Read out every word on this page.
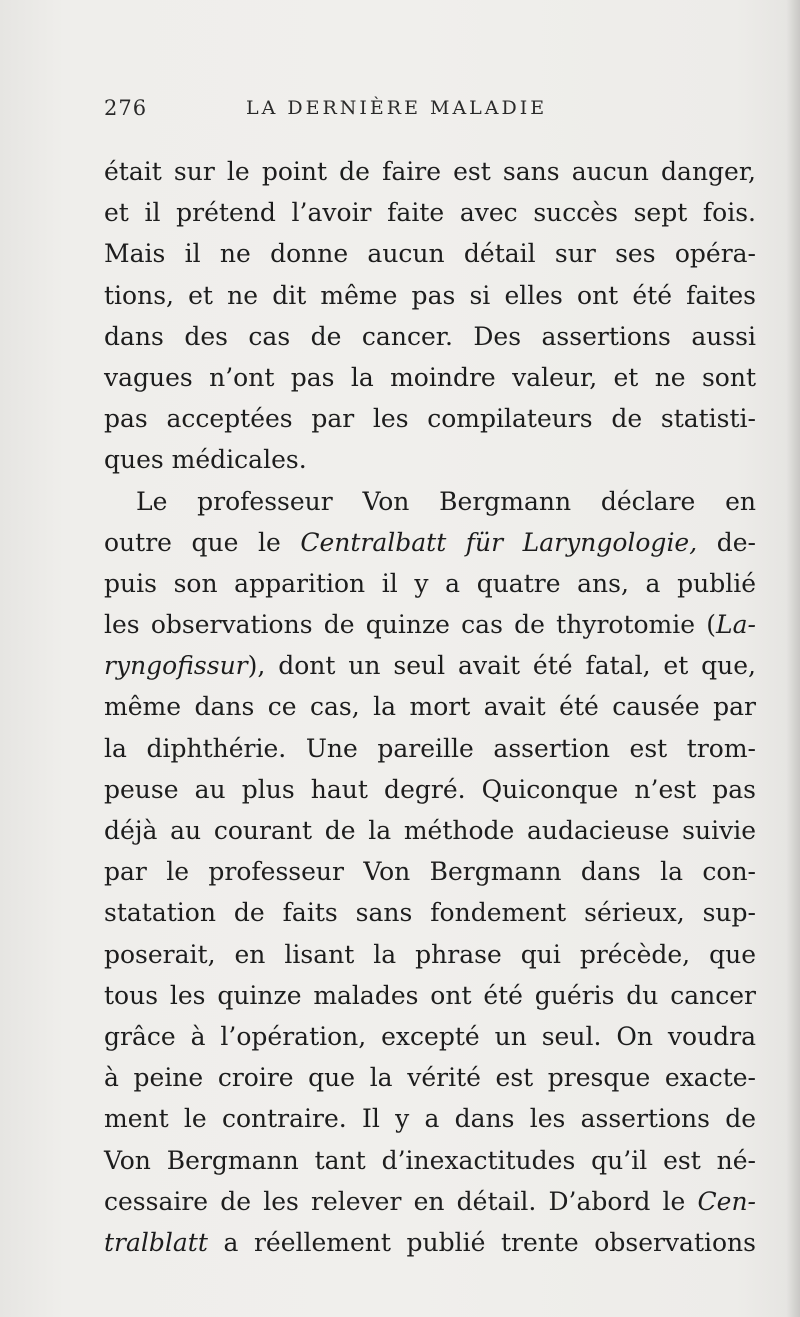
276	LA DERNIÈRE MALADIE
était sur le point de faire est sans aucun danger,
et il prétend l’avoir faite avec succès sept fois.
Mais il ne donne aucun détail sur ses opéra-
tions, et ne dit même pas si elles ont été faites
dans des cas de cancer. Des assertions aussi
vagues n’ont pas la moindre valeur, et ne sont
pas acceptées par les compilateurs de statisti-
ques médicales.
Le professeur Von Bergmann déclare en
outre que le Centralbatt für Laryngologie, de-
puis son apparition il y a quatre ans, a publié
les observations de quinze cas de thyrotomie (La-
ryngofissur), dont un seul avait été fatal, et que,
même dans ce cas, la mort avait été causée par
la diphthérie. Une pareille assertion est trom-
peuse au plus haut degré. Quiconque n’est pas
déjà au courant de la méthode audacieuse suivie
par le professeur Von Bergmann dans la con-
statation de faits sans fondement sérieux, sup-
poserait, en lisant la phrase qui précède, que
tous les quinze malades ont été guéris du cancer
grâce à l’opération, excepté un seul. On voudra
à peine croire que la vérité est presque exacte-
ment le contraire. Il y a dans les assertions de
Von Bergmann tant d’inexactitudes qu’il est né-
cessaire de les relever en détail. D’abord le Cen-
tralblatt a réellement publié trente observations
